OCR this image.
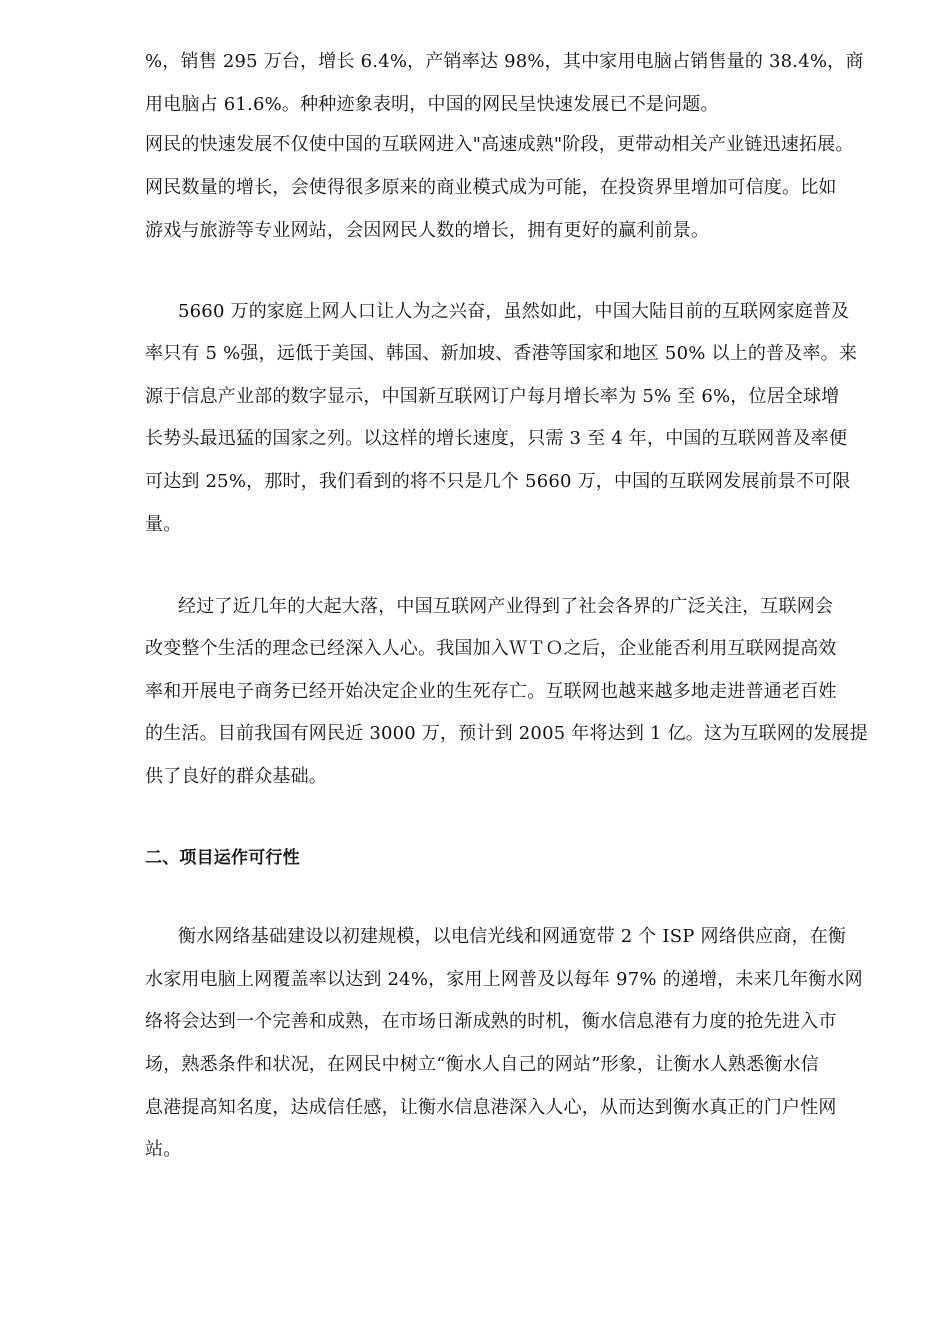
%，销售 295 万台，增长 6.4%，产销率达 98%，其中家用电脑占销售量的 38.4%，商
用电脑占 61.6%。种种迹象表明，中国的网民呈快速发展已不是问题。
网民的快速发展不仅使中国的互联网进入"高速成熟"阶段，更带动相关产业链迅速拓展。
网民数量的增长，会使得很多原来的商业模式成为可能，在投资界里增加可信度。比如
游戏与旅游等专业网站，会因网民人数的增长，拥有更好的赢利前景。
5660 万的家庭上网人口让人为之兴奋，虽然如此，中国大陆目前的互联网家庭普及
率只有 5 %强，远低于美国、韩国、新加坡、香港等国家和地区 50% 以上的普及率。来
源于信息产业部的数字显示，中国新互联网订户每月增长率为 5% 至 6%，位居全球增
长势头最迅猛的国家之列。以这样的增长速度，只需 3 至 4 年，中国的互联网普及率便
可达到 25%，那时，我们看到的将不只是几个 5660 万，中国的互联网发展前景不可限
量。
经过了近几年的大起大落，中国互联网产业得到了社会各界的广泛关注，互联网会
改变整个生活的理念已经深入人心。我国加入ＷＴＯ之后，企业能否利用互联网提高效
率和开展电子商务已经开始决定企业的生死存亡。互联网也越来越多地走进普通老百姓
的生活。目前我国有网民近 3000 万，预计到 2005 年将达到 1 亿。这为互联网的发展提
供了良好的群众基础。
二、项目运作可行性
衡水网络基础建设以初建规模，以电信光线和网通宽带 2 个 ISP 网络供应商，在衡
水家用电脑上网覆盖率以达到 24%，家用上网普及以每年 97% 的递增，未来几年衡水网
络将会达到一个完善和成熟，在市场日渐成熟的时机，衡水信息港有力度的抢先进入市
场，熟悉条件和状况，在网民中树立“衡水人自己的网站”形象，让衡水人熟悉衡水信
息港提高知名度，达成信任感，让衡水信息港深入人心，从而达到衡水真正的门户性网
站。
